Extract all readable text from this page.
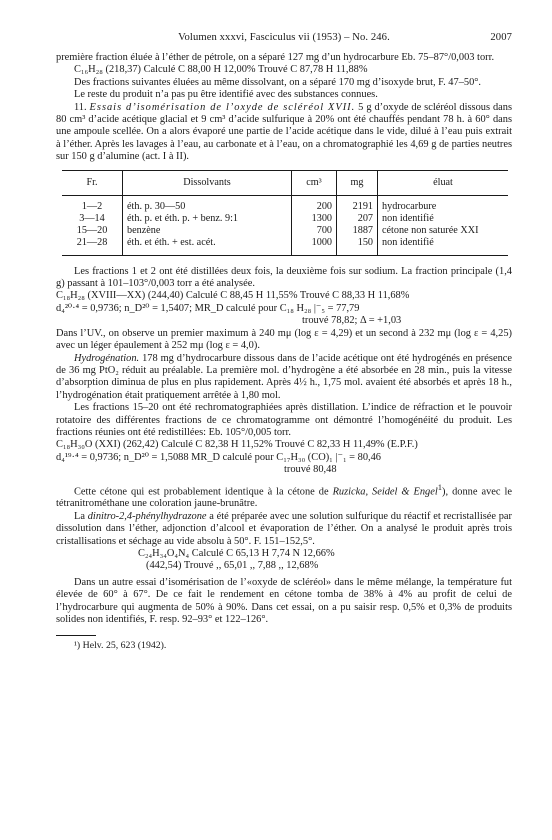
Volumen xxxvi, Fasciculus vii (1953) – No. 246.	2007

première fraction éluée à l’éther de pétrole, on a séparé 127 mg d’un hydrocarbure Eb. 75–87°/0,003 torr.

C₁₆H₂₈ (218,37) Calculé C 88,00 H 12,00% Trouvé C 87,78 H 11,88%

Des fractions suivantes éluées au même dissolvant, on a séparé 170 mg d’isoxyde brut, F. 47–50°.

Le reste du produit n’a pas pu être identifié avec des substances connues.

11. Essais d’isomérisation de l’oxyde de scléréol XVII. 5 g d’oxyde de scléréol dissous dans 80 cm³ d’acide acétique glacial et 9 cm³ d’acide sulfurique à 20% ont été chauffés pendant 78 h. à 60° dans une ampoule scellée. On a alors évaporé une partie de l’acide acétique dans le vide, dilué à l’eau puis extrait à l’éther. Après les lavages à l’eau, au carbonate et à l’eau, on a chromatographié les 4,69 g de parties neutres sur 150 g d’alumine (act. I à II).

Fr.	Dissolvants	cm³	mg	éluat
1—2	éth. p. 30—50	200	2191	hydrocarbure
3—14	éth. p. et éth. p. + benz. 9:1	1300	207	non identifié
15—20	benzène	700	1887	cétone non saturée XXI
21—28	éth. et éth. + est. acét.	1000	150	non identifié

Les fractions 1 et 2 ont été distillées deux fois, la deuxième fois sur sodium. La fraction principale (1,4 g) passant à 101–103°/0,003 torr a été analysée.

C₁₈H₂₈ (XVIII—XX) (244,40) Calculé C 88,45 H 11,55% Trouvé C 88,33 H 11,68%

d₄²⁰·⁴ = 0,9736; n_D²⁰ = 1,5407; MR_D calculé pour C₁₈ H₂₈ |⁻₅ = 77,79

trouvé 78,82; Δ = +1,03

Dans l’UV., on observe un premier maximum à 240 mμ (log ε = 4,29) et un second à 232 mμ (log ε = 4,25) avec un léger épaulement à 252 mμ (log ε = 4,0).

Hydrogénation. 178 mg d’hydrocarbure dissous dans de l’acide acétique ont été hydrogénés en présence de 36 mg PtO₂ réduit au préalable. La première mol. d’hydrogène a été absorbée en 28 min., puis la vitesse d’absorption diminua de plus en plus rapidement. Après 4½ h., 1,75 mol. avaient été absorbés et après 18 h., l’hydrogénation était pratiquement arrêtée à 1,80 mol.

Les fractions 15–20 ont été rechromatographiées après distillation. L’indice de réfraction et le pouvoir rotatoire des différentes fractions de ce chromatogramme ont démontré l’homogénéité du produit. Les fractions réunies ont été redistillées: Eb. 105°/0,005 torr.

C₁₈H₃₀O (XXI) (262,42) Calculé C 82,38 H 11,52% Trouvé C 82,33 H 11,49% (E.P.F.)

d₄¹⁹·⁴ = 0,9736; n_D²⁰ = 1,5088 MR_D calculé pour C₁₇H₃₀ (CO)₁ |⁻₁ = 80,46

trouvé 80,48

Cette cétone qui est probablement identique à la cétone de Ruzicka, Seidel & Engel$^1$), donne avec le tétranitrométhane une coloration jaune-brunâtre.

La dinitro-2,4-phénylhydrazone a été préparée avec une solution sulfurique du réactif et recristallisée par dissolution dans l’éther, adjonction d’alcool et évaporation de l’éther. On a analysé le produit après trois cristallisations et séchage au vide absolu à 50°. F. 151–152,5°.

C₂₄H₃₄O₄N₄ Calculé C 65,13 H 7,74 N 12,66%

(442,54) Trouvé ,, 65,01 ,, 7,88 ,, 12,68%

Dans un autre essai d’isomérisation de l’«oxyde de scléréol» dans le même mélange, la température fut élevée de 60° à 67°. De ce fait le rendement en cétone tomba de 38% à 4% au profit de celui de l’hydrocarbure qui augmenta de 50% à 90%. Dans cet essai, on a pu saisir resp. 0,5% et 0,3% de produits solides non identifiés, F. resp. 92–93° et 122–126°.

¹) Helv. 25, 623 (1942).
